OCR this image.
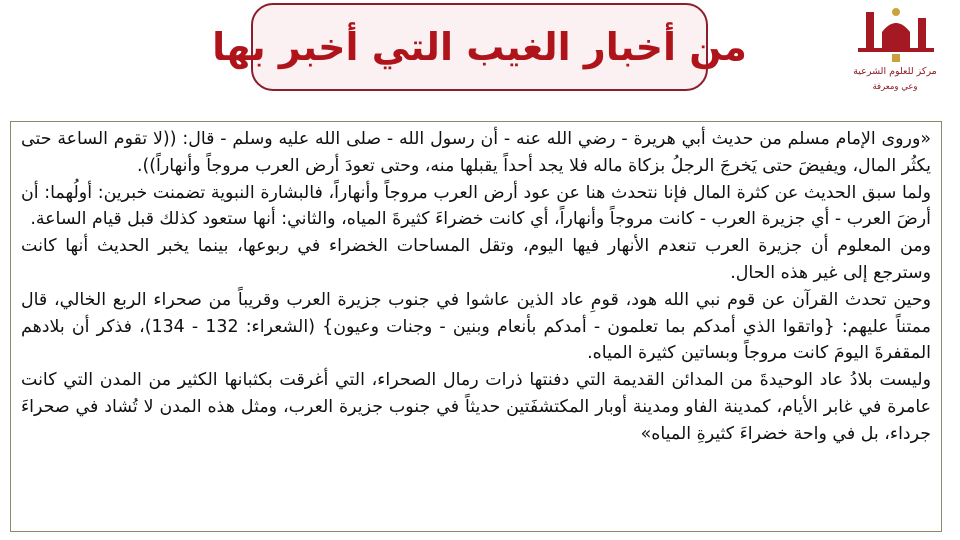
من أخبار الغيب التي أخبر بها
مركز للعلوم الشرعية
وعي ومعرفة

«وروى الإمام مسلم من حديث أبي هريرة - رضي الله عنه - أن رسول الله - صلى الله عليه وسلم - قال: ((لا تقوم الساعة حتى يكثُر المال، ويفيضَ حتى يَخرجَ الرجلُ بزكاة ماله فلا يجد أحداً يقبلها منه، وحتى تعودَ أرض العرب مروجاً وأنهاراً)).
ولما سبق الحديث عن كثرة المال فإنا نتحدث هنا عن عود أرض العرب مروجاً وأنهاراً، فالبشارة النبوية تضمنت خبرين: أولُهما: أن أرضَ العرب - أي جزيرة العرب - كانت مروجاً وأنهاراً، أي كانت خضراءَ كثيرةَ المياه، والثاني: أنها ستعود كذلك قبل قيام الساعة.
ومن المعلوم أن جزيرة العرب تنعدم الأنهار فيها اليوم، وتقل المساحات الخضراء في ربوعها، بينما يخبر الحديث أنها كانت وسترجع إلى غير هذه الحال.
وحين تحدث القرآن عن قوم نبي الله هود، قومِ عاد الذين عاشوا في جنوب جزيرة العرب وقريباً من صحراء الربع الخالي، قال ممتناً عليهم: {واتقوا الذي أمدكم بما تعلمون - أمدكم بأنعام وبنين - وجنات وعيون} (الشعراء: 132 - 134)، فذكر أن بلادهم المقفرةَ اليومَ كانت مروجاً وبساتين كثيرة المياه.
وليست بلادُ عاد الوحيدةَ من المدائن القديمة التي دفنتها ذرات رمال الصحراء، التي أغرقت بكثبانها الكثير من المدن التي كانت عامرة في غابر الأيام، كمدينة الفاو ومدينة أوبار المكتشفَتين حديثاً في جنوب جزيرة العرب، ومثل هذه المدن لا تُشاد في صحراءَ جرداء، بل في واحة خضراءَ كثيرةِ المياه»
